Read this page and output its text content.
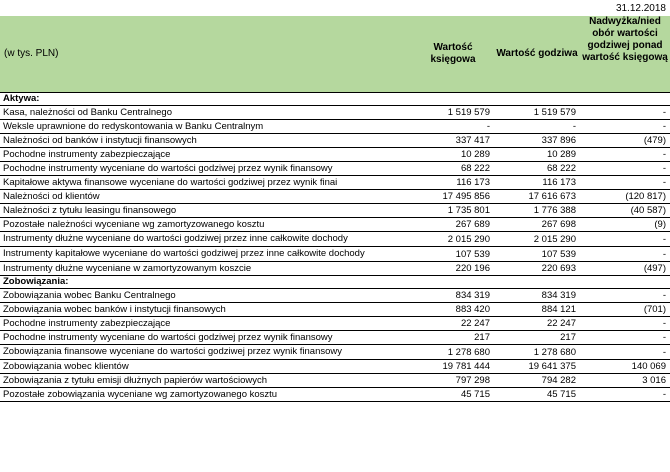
31.12.2018
(w tys. PLN)	Wartość księgowa	Wartość godziwa	Nadwyżka/nied obór wartości godziwej ponad wartość księgową
Aktywa:			
Kasa, należności od Banku Centralnego	1 519 579	1 519 579	-
Weksle uprawnione do redyskontowania w Banku Centralnym	-	-	-
Należności od banków i instytucji finansowych	337 417	337 896	(479)
Pochodne instrumenty zabezpieczające	10 289	10 289	-
Pochodne instrumenty wyceniane do wartości godziwej przez wynik finansowy	68 222	68 222	-
Kapitałowe aktywa finansowe wyceniane do wartości godziwej przez wynik finai	116 173	116 173	-
Należności od klientów	17 495 856	17 616 673	(120 817)
Należności z tytułu leasingu finansowego	1 735 801	1 776 388	(40 587)
Pozostałe należności wyceniane wg zamortyzowanego kosztu	267 689	267 698	(9)
Instrumenty dłużne wyceniane do wartości godziwej przez inne całkowite dochody	2 015 290	2 015 290	-
Instrumenty kapitałowe wyceniane do wartości godziwej przez inne całkowite dochody	107 539	107 539	-
Instrumenty dłużne wyceniane w zamortyzowanym koszcie	220 196	220 693	(497)
Zobowiązania:			
Zobowiązania wobec Banku Centralnego	834 319	834 319	-
Zobowiązania wobec banków i instytucji finansowych	883 420	884 121	(701)
Pochodne instrumenty zabezpieczające	22 247	22 247	-
Pochodne instrumenty wyceniane do wartości godziwej przez wynik finansowy	217	217	-
Zobowiązania finansowe wyceniane do wartości godziwej przez wynik finansowy	1 278 680	1 278 680	-
Zobowiązania wobec klientów	19 781 444	19 641 375	140 069
Zobowiązania z tytułu emisji dłużnych papierów wartościowych	797 298	794 282	3 016
Pozostałe zobowiązania wyceniane wg zamortyzowanego kosztu	45 715	45 715	-
